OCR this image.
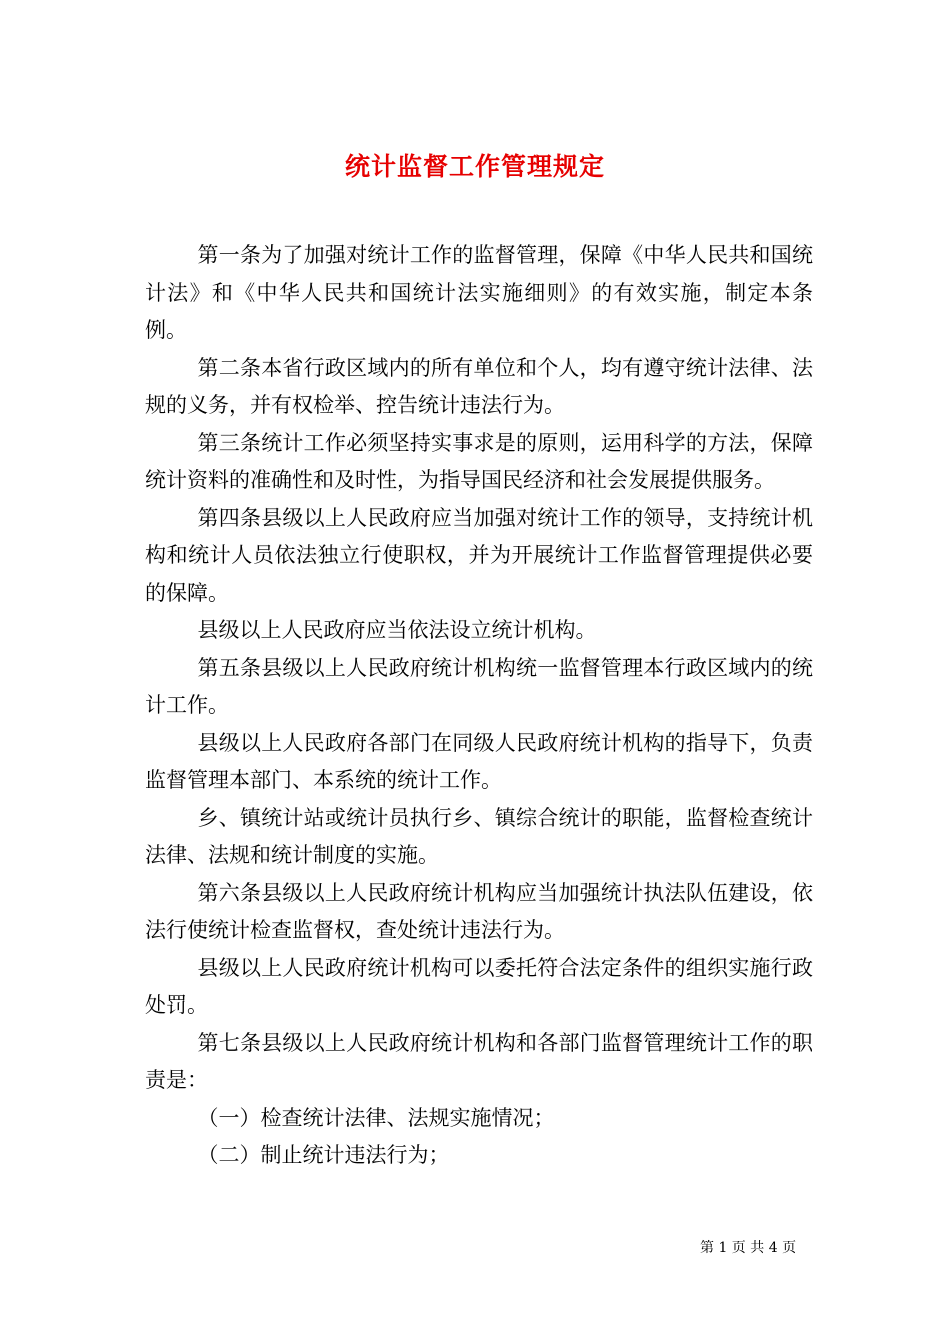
统计监督工作管理规定

第一条为了加强对统计工作的监督管理，保障《中华人民共和国统计法》和《中华人民共和国统计法实施细则》的有效实施，制定本条例。

第二条本省行政区域内的所有单位和个人，均有遵守统计法律、法规的义务，并有权检举、控告统计违法行为。

第三条统计工作必须坚持实事求是的原则，运用科学的方法，保障统计资料的准确性和及时性，为指导国民经济和社会发展提供服务。

第四条县级以上人民政府应当加强对统计工作的领导，支持统计机构和统计人员依法独立行使职权，并为开展统计工作监督管理提供必要的保障。

县级以上人民政府应当依法设立统计机构。

第五条县级以上人民政府统计机构统一监督管理本行政区域内的统计工作。

县级以上人民政府各部门在同级人民政府统计机构的指导下，负责监督管理本部门、本系统的统计工作。

乡、镇统计站或统计员执行乡、镇综合统计的职能，监督检查统计法律、法规和统计制度的实施。

第六条县级以上人民政府统计机构应当加强统计执法队伍建设，依法行使统计检查监督权，查处统计违法行为。

县级以上人民政府统计机构可以委托符合法定条件的组织实施行政处罚。

第七条县级以上人民政府统计机构和各部门监督管理统计工作的职责是：

（一）检查统计法律、法规实施情况；

（二）制止统计违法行为；

第 1 页 共 4 页
